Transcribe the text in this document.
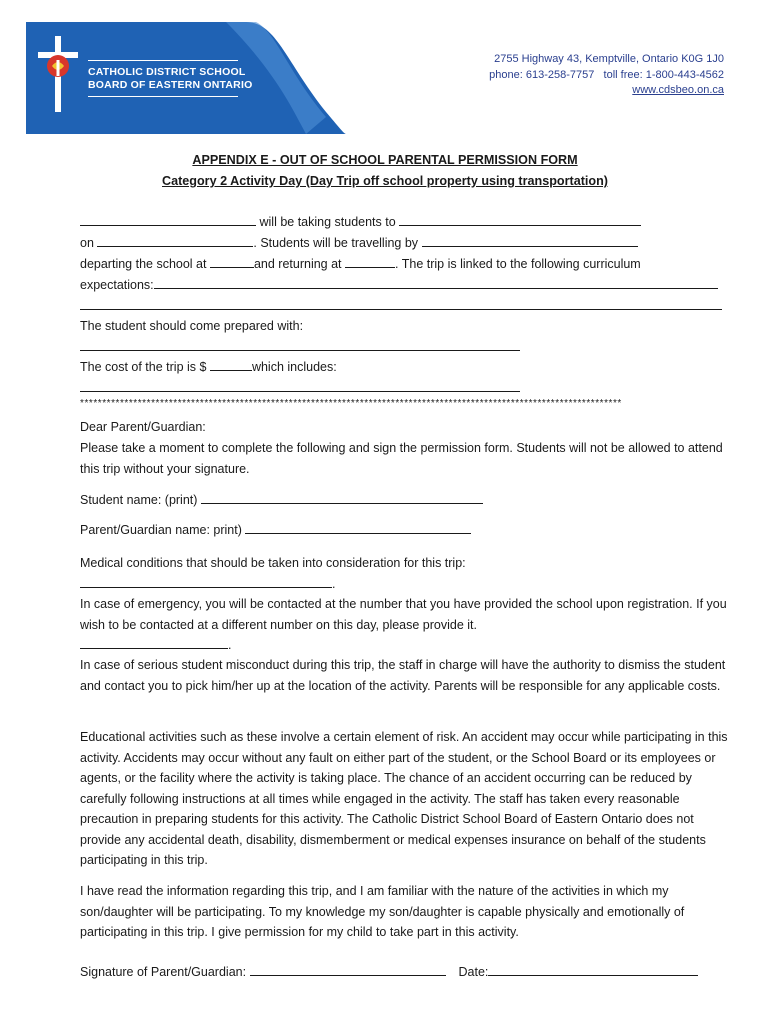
CATHOLIC DISTRICT SCHOOL
BOARD OF EASTERN ONTARIO
2755 Highway 43, Kemptville, Ontario K0G 1J0
phone: 613-258-7757   toll free: 1-800-443-4562
www.cdsbeo.on.ca
APPENDIX E - OUT OF SCHOOL PARENTAL PERMISSION FORM
Category 2 Activity Day (Day Trip off school property using transportation)
will be taking students to
on	. Students will be travelling by
departing the school at	and returning at	. The trip is linked to the following curriculum
expectations:
The student should come prepared with:
The cost of the trip is $	which includes:
**************************************************************************************************************************
Dear Parent/Guardian:
Please take a moment to complete the following and sign the permission form. Students will not be allowed to attend this trip without your signature.
Student name: (print)
Parent/Guardian name: print)
Medical conditions that should be taken into consideration for this trip:
.
In case of emergency, you will be contacted at the number that you have provided the school upon registration. If you wish to be contacted at a different number on this day, please provide it.
.
In case of serious student misconduct during this trip, the staff in charge will have the authority to dismiss the student and contact you to pick him/her up at the location of the activity. Parents will be responsible for any applicable costs.
Educational activities such as these involve a certain element of risk. An accident may occur while participating in this activity. Accidents may occur without any fault on either part of the student, or the School Board or its employees or agents, or the facility where the activity is taking place. The chance of an accident occurring can be reduced by carefully following instructions at all times while engaged in the activity. The staff has taken every reasonable precaution in preparing students for this activity. The Catholic District School Board of Eastern Ontario does not provide any accidental death, disability, dismemberment or medical expenses insurance on behalf of the students participating in this trip.
I have read the information regarding this trip, and I am familiar with the nature of the activities in which my son/daughter will be participating. To my knowledge my son/daughter is capable physically and emotionally of participating in this trip. I give permission for my child to take part in this activity.
Signature of Parent/Guardian:	Date:
